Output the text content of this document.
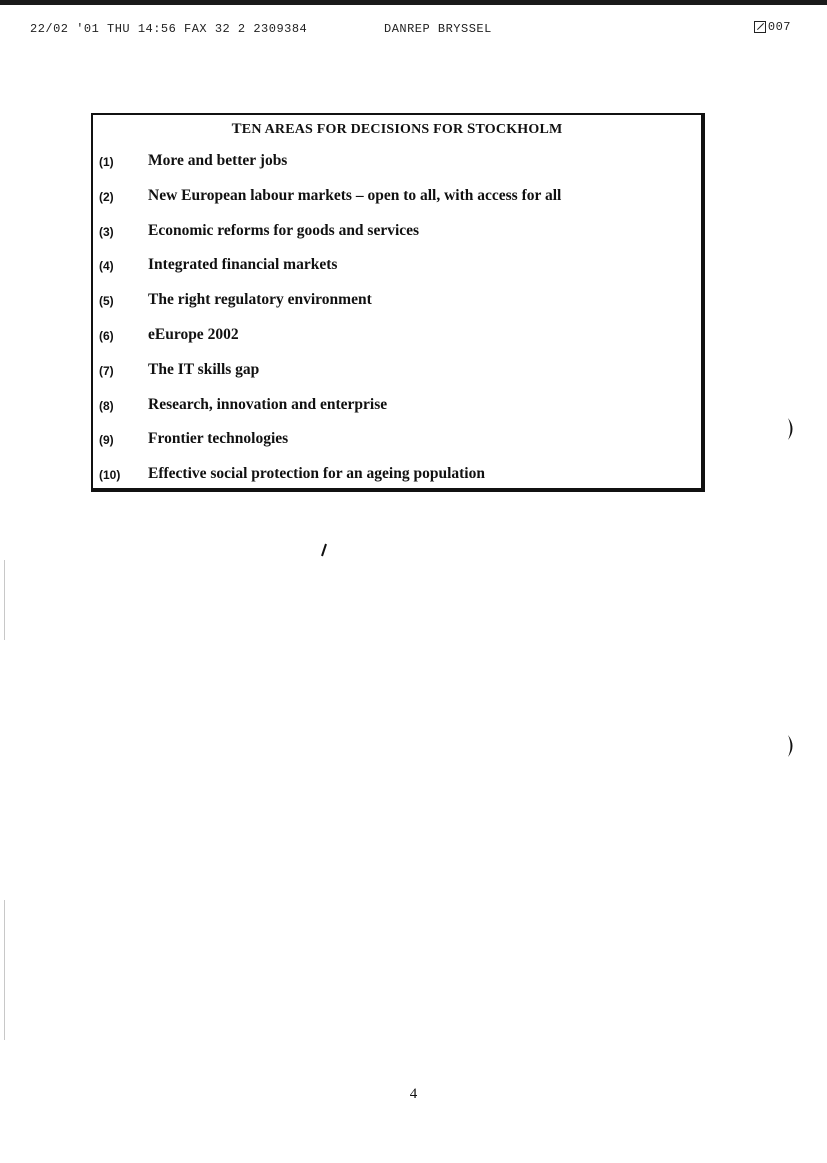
22/02 '01 THU 14:56 FAX 32 2 2309384	DANREP BRYSSEL	007
TEN AREAS FOR DECISIONS FOR STOCKHOLM
(1) More and better jobs
(2) New European labour markets – open to all, with access for all
(3) Economic reforms for goods and services
(4) Integrated financial markets
(5) The right regulatory environment
(6) eEurope 2002
(7) The IT skills gap
(8) Research, innovation and enterprise
(9) Frontier technologies
(10) Effective social protection for an ageing population
4
